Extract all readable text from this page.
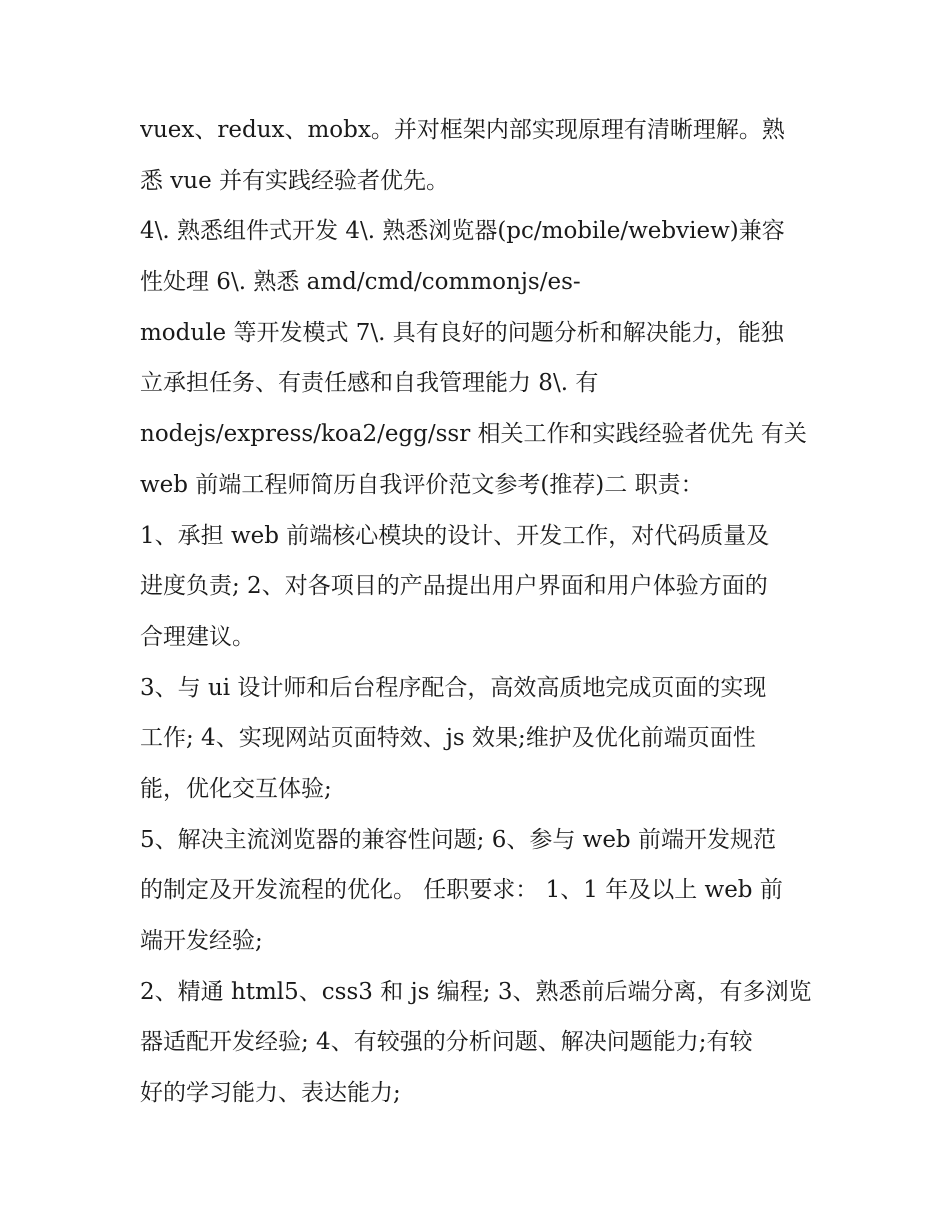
vuex、redux、mobx。并对框架内部实现原理有清晰理解。熟
悉 vue 并有实践经验者优先。
4\. 熟悉组件式开发 4\. 熟悉浏览器(pc/mobile/webview)兼容
性处理 6\. 熟悉 amd/cmd/commonjs/es-
module 等开发模式 7\. 具有良好的问题分析和解决能力，能独
立承担任务、有责任感和自我管理能力 8\. 有
nodejs/express/koa2/egg/ssr 相关工作和实践经验者优先 有关
web 前端工程师简历自我评价范文参考(推荐)二 职责：
1、承担 web 前端核心模块的设计、开发工作，对代码质量及
进度负责; 2、对各项目的产品提出用户界面和用户体验方面的
合理建议。
3、与 ui 设计师和后台程序配合，高效高质地完成页面的实现
工作; 4、实现网站页面特效、js 效果;维护及优化前端页面性
能，优化交互体验;
5、解决主流浏览器的兼容性问题; 6、参与 web 前端开发规范
的制定及开发流程的优化。 任职要求： 1、1 年及以上 web 前
端开发经验;
2、精通 html5、css3 和 js 编程; 3、熟悉前后端分离，有多浏览
器适配开发经验; 4、有较强的分析问题、解决问题能力;有较
好的学习能力、表达能力;
